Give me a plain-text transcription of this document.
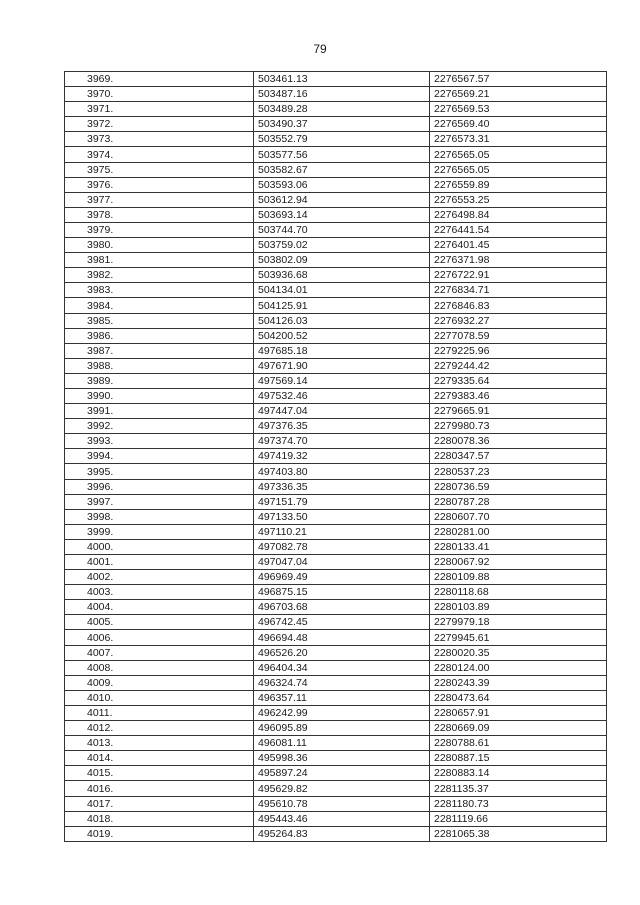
79
3969.	503461.13	2276567.57
3970.	503487.16	2276569.21
3971.	503489.28	2276569.53
3972.	503490.37	2276569.40
3973.	503552.79	2276573.31
3974.	503577.56	2276565.05
3975.	503582.67	2276565.05
3976.	503593.06	2276559.89
3977.	503612.94	2276553.25
3978.	503693.14	2276498.84
3979.	503744.70	2276441.54
3980.	503759.02	2276401.45
3981.	503802.09	2276371.98
3982.	503936.68	2276722.91
3983.	504134.01	2276834.71
3984.	504125.91	2276846.83
3985.	504126.03	2276932.27
3986.	504200.52	2277078.59
3987.	497685.18	2279225.96
3988.	497671.90	2279244.42
3989.	497569.14	2279335.64
3990.	497532.46	2279383.46
3991.	497447.04	2279665.91
3992.	497376.35	2279980.73
3993.	497374.70	2280078.36
3994.	497419.32	2280347.57
3995.	497403.80	2280537.23
3996.	497336.35	2280736.59
3997.	497151.79	2280787.28
3998.	497133.50	2280607.70
3999.	497110.21	2280281.00
4000.	497082.78	2280133.41
4001.	497047.04	2280067.92
4002.	496969.49	2280109.88
4003.	496875.15	2280118.68
4004.	496703.68	2280103.89
4005.	496742.45	2279979.18
4006.	496694.48	2279945.61
4007.	496526.20	2280020.35
4008.	496404.34	2280124.00
4009.	496324.74	2280243.39
4010.	496357.11	2280473.64
4011.	496242.99	2280657.91
4012.	496095.89	2280669.09
4013.	496081.11	2280788.61
4014.	495998.36	2280887.15
4015.	495897.24	2280883.14
4016.	495629.82	2281135.37
4017.	495610.78	2281180.73
4018.	495443.46	2281119.66
4019.	495264.83	2281065.38
